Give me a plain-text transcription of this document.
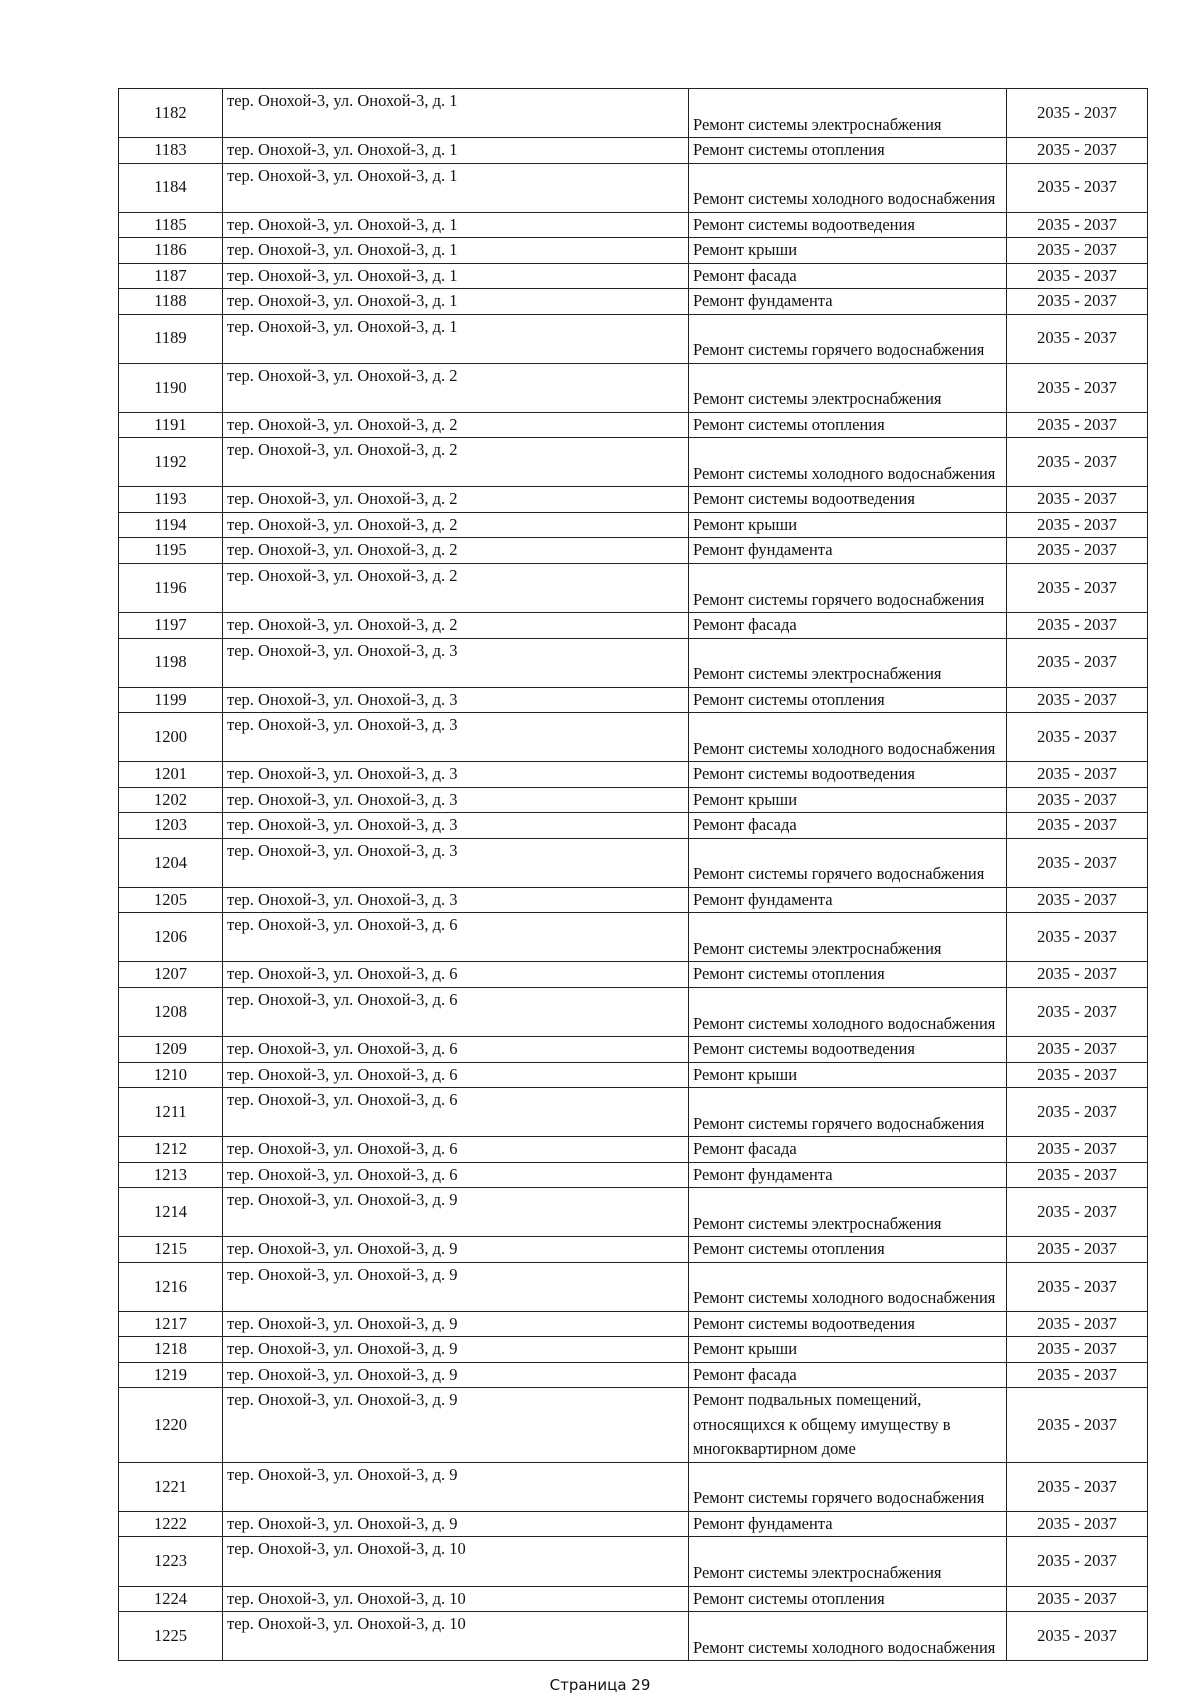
1182	тер. Онохой-3, ул. Онохой-3, д. 1	Ремонт системы электроснабжения	2035 - 2037
1183	тер. Онохой-3, ул. Онохой-3, д. 1	Ремонт системы отопления	2035 - 2037
1184	тер. Онохой-3, ул. Онохой-3, д. 1	Ремонт системы холодного водоснабжения	2035 - 2037
1185	тер. Онохой-3, ул. Онохой-3, д. 1	Ремонт системы водоотведения	2035 - 2037
1186	тер. Онохой-3, ул. Онохой-3, д. 1	Ремонт крыши	2035 - 2037
1187	тер. Онохой-3, ул. Онохой-3, д. 1	Ремонт фасада	2035 - 2037
1188	тер. Онохой-3, ул. Онохой-3, д. 1	Ремонт фундамента	2035 - 2037
1189	тер. Онохой-3, ул. Онохой-3, д. 1	Ремонт системы горячего водоснабжения	2035 - 2037
1190	тер. Онохой-3, ул. Онохой-3, д. 2	Ремонт системы электроснабжения	2035 - 2037
1191	тер. Онохой-3, ул. Онохой-3, д. 2	Ремонт системы отопления	2035 - 2037
1192	тер. Онохой-3, ул. Онохой-3, д. 2	Ремонт системы холодного водоснабжения	2035 - 2037
1193	тер. Онохой-3, ул. Онохой-3, д. 2	Ремонт системы водоотведения	2035 - 2037
1194	тер. Онохой-3, ул. Онохой-3, д. 2	Ремонт крыши	2035 - 2037
1195	тер. Онохой-3, ул. Онохой-3, д. 2	Ремонт фундамента	2035 - 2037
1196	тер. Онохой-3, ул. Онохой-3, д. 2	Ремонт системы горячего водоснабжения	2035 - 2037
1197	тер. Онохой-3, ул. Онохой-3, д. 2	Ремонт фасада	2035 - 2037
1198	тер. Онохой-3, ул. Онохой-3, д. 3	Ремонт системы электроснабжения	2035 - 2037
1199	тер. Онохой-3, ул. Онохой-3, д. 3	Ремонт системы отопления	2035 - 2037
1200	тер. Онохой-3, ул. Онохой-3, д. 3	Ремонт системы холодного водоснабжения	2035 - 2037
1201	тер. Онохой-3, ул. Онохой-3, д. 3	Ремонт системы водоотведения	2035 - 2037
1202	тер. Онохой-3, ул. Онохой-3, д. 3	Ремонт крыши	2035 - 2037
1203	тер. Онохой-3, ул. Онохой-3, д. 3	Ремонт фасада	2035 - 2037
1204	тер. Онохой-3, ул. Онохой-3, д. 3	Ремонт системы горячего водоснабжения	2035 - 2037
1205	тер. Онохой-3, ул. Онохой-3, д. 3	Ремонт фундамента	2035 - 2037
1206	тер. Онохой-3, ул. Онохой-3, д. 6	Ремонт системы электроснабжения	2035 - 2037
1207	тер. Онохой-3, ул. Онохой-3, д. 6	Ремонт системы отопления	2035 - 2037
1208	тер. Онохой-3, ул. Онохой-3, д. 6	Ремонт системы холодного водоснабжения	2035 - 2037
1209	тер. Онохой-3, ул. Онохой-3, д. 6	Ремонт системы водоотведения	2035 - 2037
1210	тер. Онохой-3, ул. Онохой-3, д. 6	Ремонт крыши	2035 - 2037
1211	тер. Онохой-3, ул. Онохой-3, д. 6	Ремонт системы горячего водоснабжения	2035 - 2037
1212	тер. Онохой-3, ул. Онохой-3, д. 6	Ремонт фасада	2035 - 2037
1213	тер. Онохой-3, ул. Онохой-3, д. 6	Ремонт фундамента	2035 - 2037
1214	тер. Онохой-3, ул. Онохой-3, д. 9	Ремонт системы электроснабжения	2035 - 2037
1215	тер. Онохой-3, ул. Онохой-3, д. 9	Ремонт системы отопления	2035 - 2037
1216	тер. Онохой-3, ул. Онохой-3, д. 9	Ремонт системы холодного водоснабжения	2035 - 2037
1217	тер. Онохой-3, ул. Онохой-3, д. 9	Ремонт системы водоотведения	2035 - 2037
1218	тер. Онохой-3, ул. Онохой-3, д. 9	Ремонт крыши	2035 - 2037
1219	тер. Онохой-3, ул. Онохой-3, д. 9	Ремонт фасада	2035 - 2037
1220	тер. Онохой-3, ул. Онохой-3, д. 9	Ремонт подвальных помещений, относящихся к общему имуществу в многоквартирном доме	2035 - 2037
1221	тер. Онохой-3, ул. Онохой-3, д. 9	Ремонт системы горячего водоснабжения	2035 - 2037
1222	тер. Онохой-3, ул. Онохой-3, д. 9	Ремонт фундамента	2035 - 2037
1223	тер. Онохой-3, ул. Онохой-3, д. 10	Ремонт системы электроснабжения	2035 - 2037
1224	тер. Онохой-3, ул. Онохой-3, д. 10	Ремонт системы отопления	2035 - 2037
1225	тер. Онохой-3, ул. Онохой-3, д. 10	Ремонт системы холодного водоснабжения	2035 - 2037
Страница 29
